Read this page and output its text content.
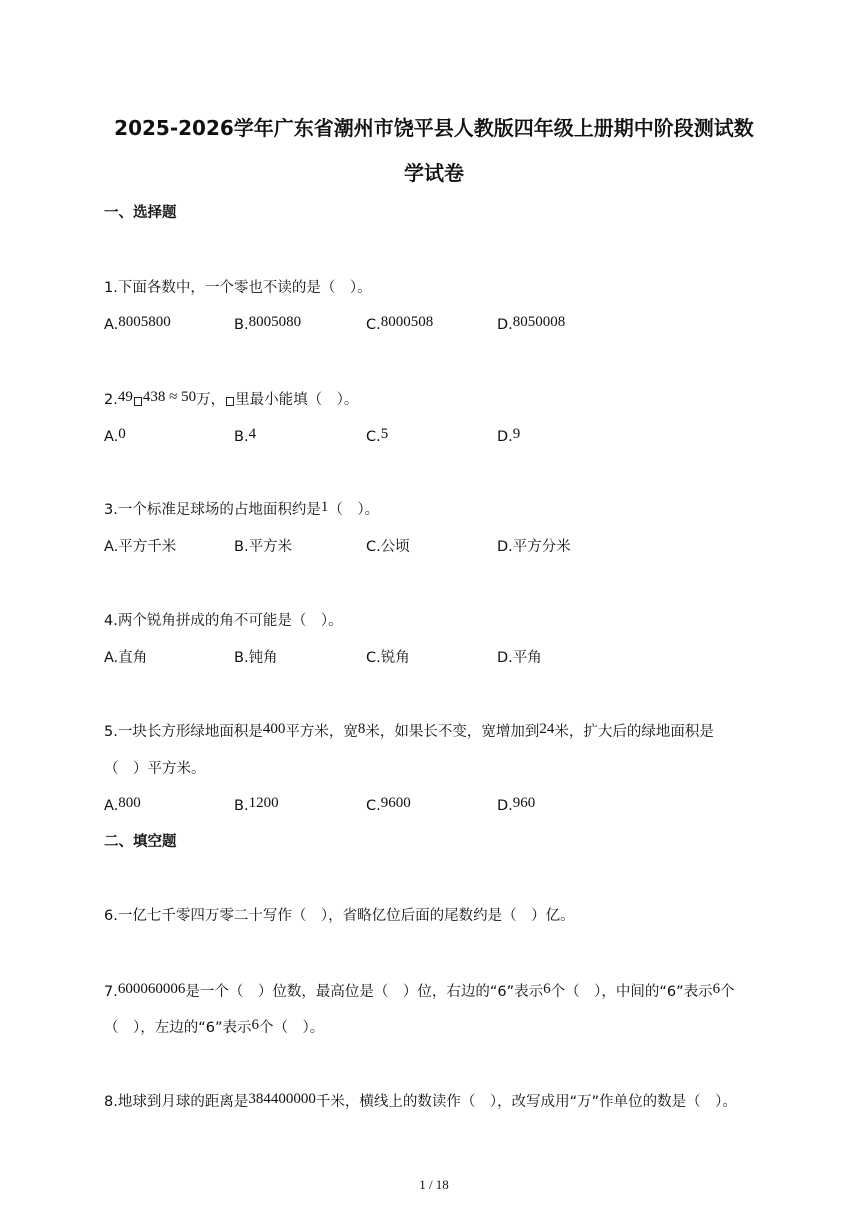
2025-2026学年广东省潮州市饶平县人教版四年级上册期中阶段测试数
学试卷
一、选择题
1.下面各数中，一个零也不读的是（　）。
A.8005800	B.8005080	C.8000508	D.8050008
2.49 438 ≈ 50万， 里最小能填（　）。
A.0	B.4	C.5	D.9
3.一个标准足球场的占地面积约是1（　）。
A.平方千米	B.平方米	C.公顷	D.平方分米
4.两个锐角拼成的角不可能是（　）。
A.直角	B.钝角	C.锐角	D.平角
5.一块长方形绿地面积是400平方米，宽8米，如果长不变，宽增加到24米，扩大后的绿地面积是
（　）平方米。
A.800	B.1200	C.9600	D.960
二、填空题
6.一亿七千零四万零二十写作（　），省略亿位后面的尾数约是（　）亿。
7.600060006是一个（　）位数，最高位是（　）位，右边的“6”表示6个（　），中间的“6”表示6个
（　），左边的“6”表示6个（　）。
8.地球到月球的距离是384400000千米，横线上的数读作（　），改写成用“万”作单位的数是（　）。
1 / 18
